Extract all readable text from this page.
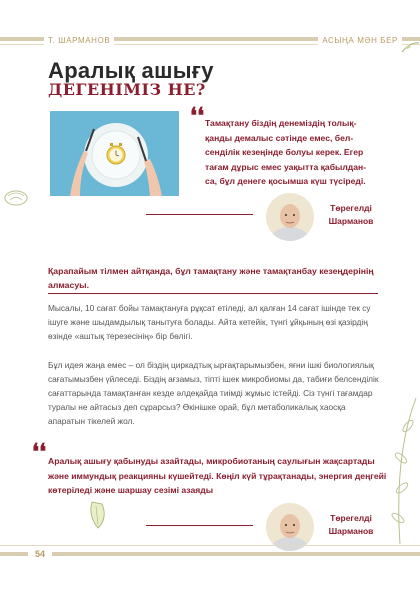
Т. ШАРМАНОВ	АСЫҢА МӘН БЕР
Аралық ашығу
ДЕГЕНІМІЗ НЕ?
❛❛ Тамақтану біздің денеміздің толық-қанды демалыс сәтінде емес, бел-сенділік кезеңінде болуы керек. Егер тағам дұрыс емес уақытта қабылдан-са, бұл денеге қосымша күш түсіреді.
Төрегелді Шарманов
Қарапайым тілмен айтқанда, бұл тамақтану және тамақтанбау кезеңдерінің алмасуы.
Мысалы, 10 сағат бойы тамақтануға рұқсат етіледі, ал қалған 14 сағат ішінде тек су ішуге және шыдамдылық танытуға болады. Айта кетейік, түнгі ұйқының өзі қазірдің өзінде «аштық терезесінің» бір бөлігі.
Бұл идея жаңа емес – ол біздің циркадтық ырғақтарымызбен, яғни ішкі биологиялық сағатымызбен үйлеседі. Біздің ағзамыз, тіпті ішек микробиомы да, табиғи белсенділік сағаттарында тамақтанған кезде әлдеқайда тиімді жұмыс істейді. Сіз түнгі тағамдар туралы не айтасыз деп сұрарсыз? Өкінішке орай, бұл метаболикалық хаосқа апаратын тікелей жол.
❛❛ Аралық ашығу қабынуды азайтады, микробиотаның саулығын жақсартады және иммундық реакцияны күшейтеді. Көңіл күй тұрақтанады, энергия деңгейі көтеріледі және шаршау сезімі азаяды
Төрегелді Шарманов
54
